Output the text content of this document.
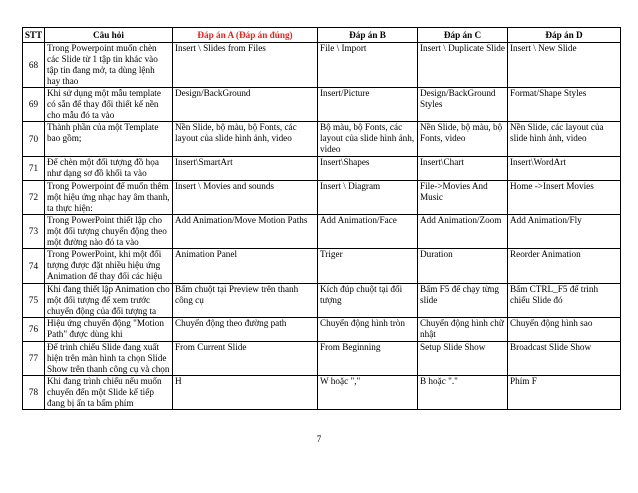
STT	Câu hỏi	Đáp án A (Đáp án đúng)	Đáp án B	Đáp án C	Đáp án D
68	Trong Powerpoint muốn chèn các Slide từ 1 tập tin khác vào tập tin đang mở, ta dùng lệnh hay thao	Insert \ Slides from Files	File \ Import	Insert \ Duplicate Slide	Insert \ New Slide
69	Khi sử dụng một mẫu template có sẵn để thay đổi thiết kế nền cho mẫu đó ta vào	Design/BackGround	Insert/Picture	Design/BackGround Styles	Format/Shape Styles
70	Thành phần của một Template bao gồm;	Nền Slide, bộ màu, bộ Fonts, các layout của slide hình ảnh, video	Bộ màu, bộ Fonts, các layout của slide hình ảnh, video	Nền Slide, bộ màu, bộ Fonts, video	Nền Slide, các layout của slide hình ảnh, video
71	Để chèn một đối tượng đồ họa như dạng sơ đồ khối ta vào	Insert\SmartArt	Insert\Shapes	Insert\Chart	Insert\WordArt
72	Trong Powerpoint để muốn thêm một hiệu ứng nhạc hay âm thanh, ta thực hiện:	Insert \ Movies and sounds	Insert \ Diagram	File->Movies And Music	Home ->Insert Movies
73	Trong PowerPoint thiết lập cho một đối tượng chuyển động theo một đường nào đó ta vào	Add Animation/Move Motion Paths	Add Animation/Face	Add Animation/Zoom	Add Animation/Fly
74	Trong PowerPoint, khi một đối tượng được đặt nhiều hiệu ứng Animation để thay đổi các hiệu	Animation Panel	Triger	Duration	Reorder Animation
75	Khi đang thiết lập Animation cho một đối tượng để xem trước chuyển động của đối tượng ta	Bấm chuột tại Preview trên thanh công cụ	Kích đúp chuột tại đối tượng	Bấm F5 để chạy từng slide	Bấm CTRL_F5 để trình chiếu Slide đó
76	Hiệu ứng chuyển động "Motion Path" được dùng khi	Chuyển động theo đường path	Chuyển động hình tròn	Chuyển động hình chữ nhật	Chuyển động hình sao
77	Để trình chiếu Slide đang xuất hiện trên màn hình ta chọn Slide Show trên thanh công cụ và chọn	From Current Slide	From Beginning	Setup Slide Show	Broadcast Slide Show
78	Khi đang trình chiếu nếu muốn chuyển đến một Slide kế tiếp đang bị ấn ta bấm phím	H	W hoặc ","	B hoặc "."	Phím F
7
